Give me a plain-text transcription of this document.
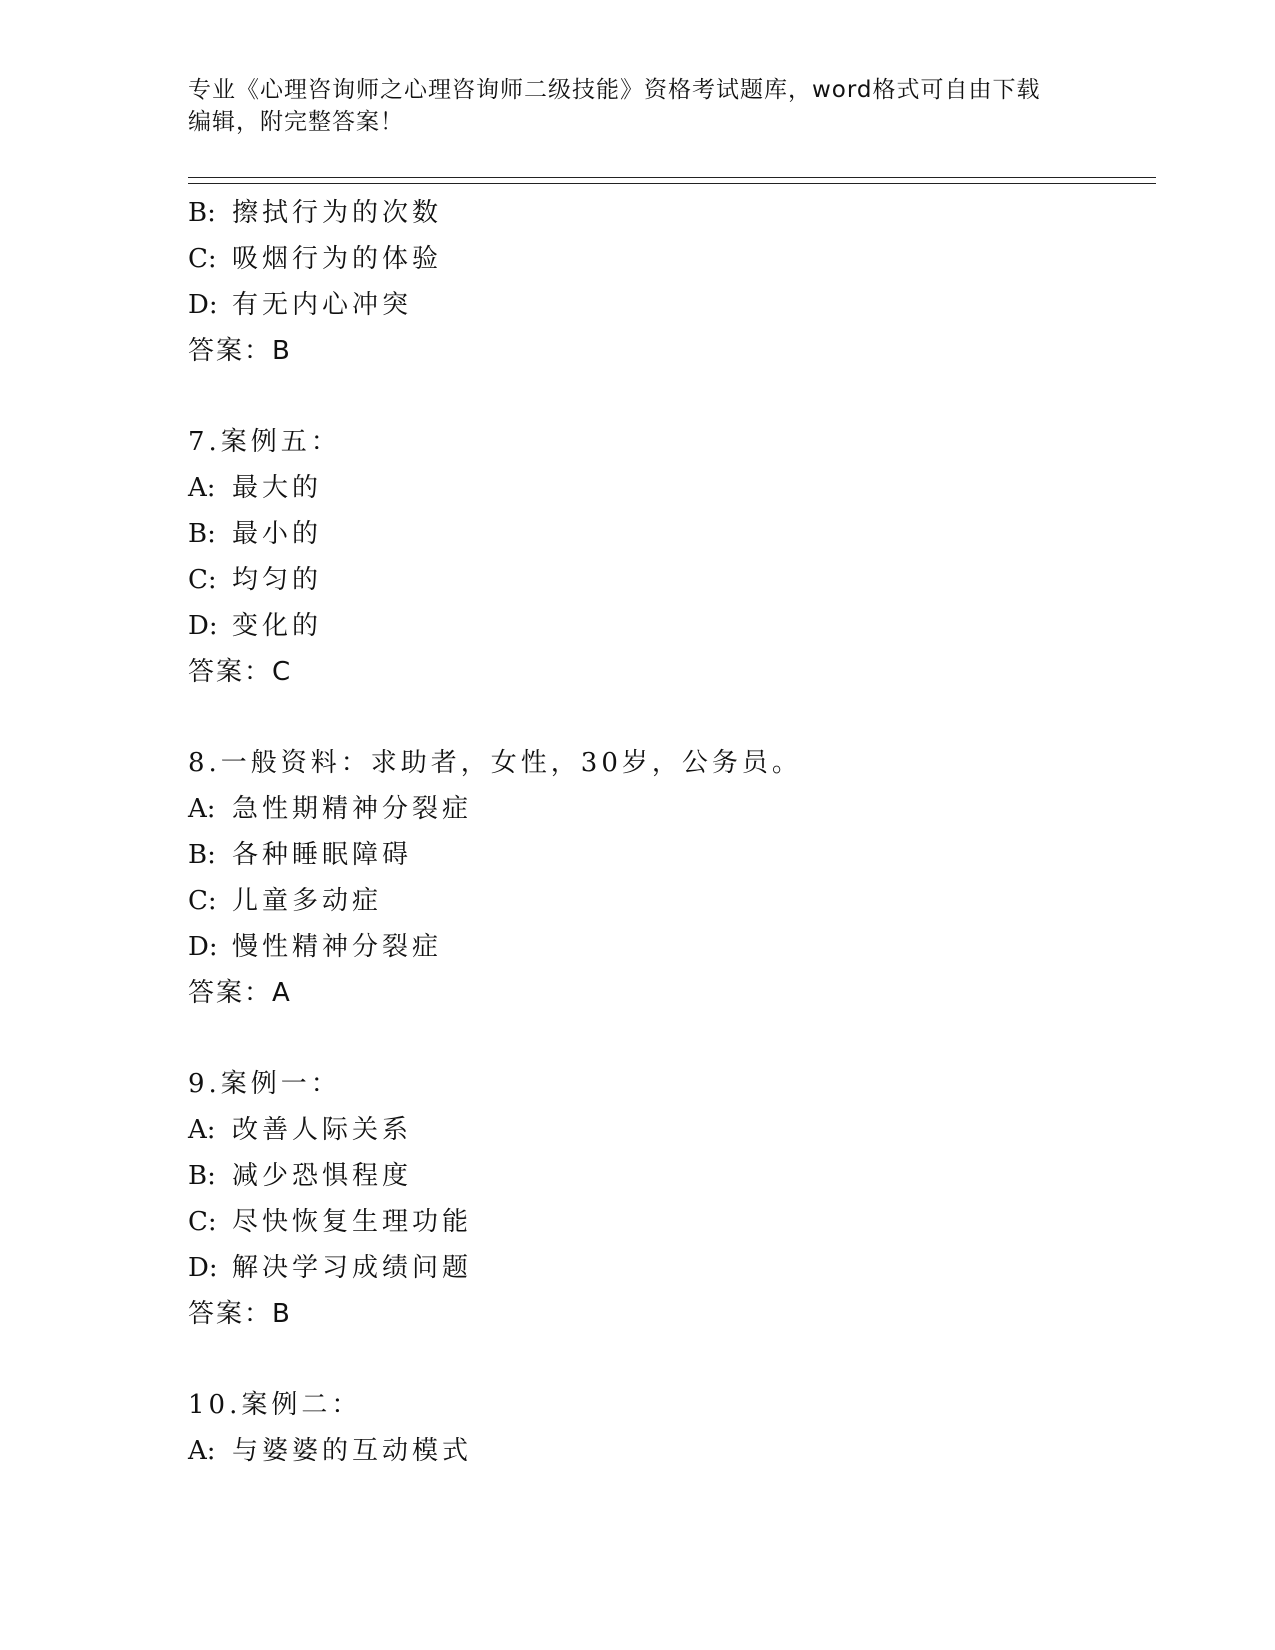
专业《心理咨询师之心理咨询师二级技能》资格考试题库，word格式可自由下载
编辑，附完整答案！
B: 擦拭行为的次数
C: 吸烟行为的体验
D: 有无内心冲突
答案：B
7.案例五：
A: 最大的
B: 最小的
C: 均匀的
D: 变化的
答案：C
8.一般资料：求助者，女性，30岁，公务员。
A: 急性期精神分裂症
B: 各种睡眠障碍
C: 儿童多动症
D: 慢性精神分裂症
答案：A
9.案例一：
A: 改善人际关系
B: 减少恐惧程度
C: 尽快恢复生理功能
D: 解决学习成绩问题
答案：B
10.案例二：
A: 与婆婆的互动模式
